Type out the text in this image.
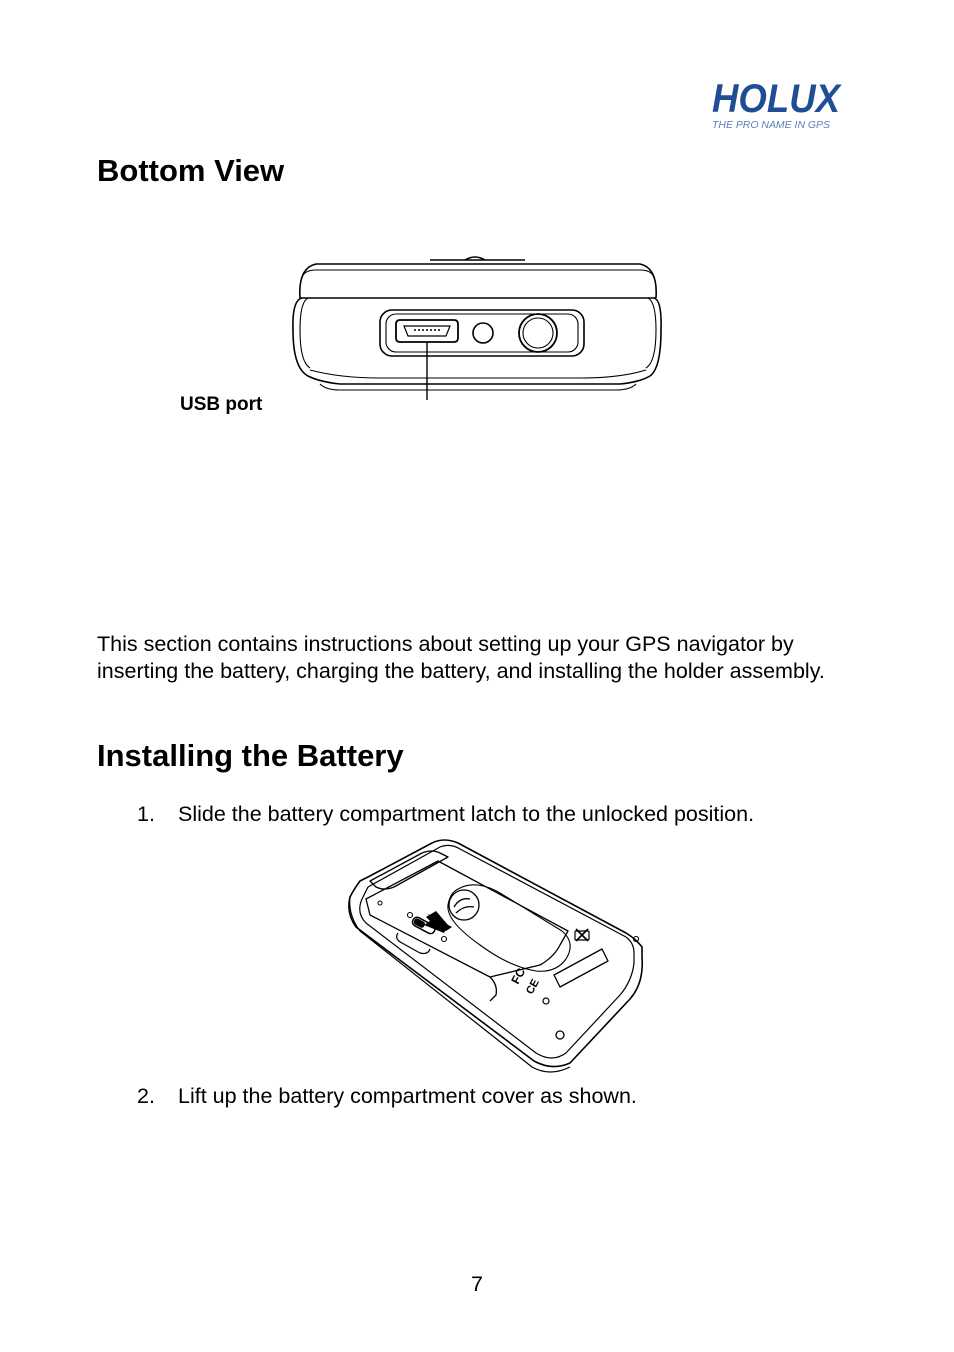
HOLUX
THE PRO NAME IN GPS
Bottom View
USB port

This section contains instructions about setting up your GPS navigator by inserting the battery, charging the battery, and installing the holder assembly.

Installing the Battery
1. Slide the battery compartment latch to the unlocked position.
FC
CE
2. Lift up the battery compartment cover as shown.
7
